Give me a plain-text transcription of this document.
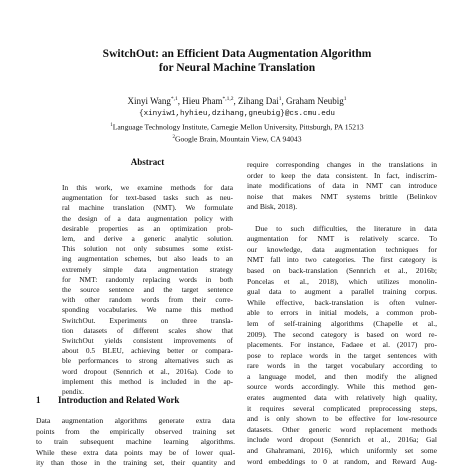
SwitchOut: an Efficient Data Augmentation Algorithm
for Neural Machine Translation
Xinyi Wang$^{*,1}$, Hieu Pham$^{*,1,2}$, Zihang Dai$^1$, Graham Neubig$^1$
{xinyiw1,hyhieu,dzihang,gneubig}@cs.cmu.edu
$^1$Language Technology Institute, Carnegie Mellon University, Pittsburgh, PA 15213
$^2$Google Brain, Mountain View, CA 94043
Abstract
In this work, we examine methods for data
augmentation for text-based tasks such as neu-
ral machine translation (NMT). We formulate
the design of a data augmentation policy with
desirable properties as an optimization prob-
lem, and derive a generic analytic solution.
This solution not only subsumes some exist-
ing augmentation schemes, but also leads to an
extremely simple data augmentation strategy
for NMT: randomly replacing words in both
the source sentence and the target sentence
with other random words from their corre-
sponding vocabularies. We name this method
SwitchOut. Experiments on three transla-
tion datasets of different scales show that
SwitchOut yields consistent improvements of
about 0.5 BLEU, achieving better or compara-
ble performances to strong alternatives such as
word dropout (Sennrich et al., 2016a). Code to
implement this method is included in the ap-
pendix.
1 Introduction and Related Work
Data augmentation algorithms generate extra data
points from the empirically observed training set
to train subsequent machine learning algorithms.
While these extra data points may be of lower qual-
ity than those in the training set, their quantity and
require corresponding changes in the translations in
order to keep the data consistent. In fact, indiscrim-
inate modifications of data in NMT can introduce
noise that makes NMT systems brittle (Belinkov
and Bisk, 2018).
Due to such difficulties, the literature in data
augmentation for NMT is relatively scarce. To
our knowledge, data augmentation techniques for
NMT fall into two categories. The first category is
based on back-translation (Sennrich et al., 2016b;
Poncelas et al., 2018), which utilizes monolin-
gual data to augment a parallel training corpus.
While effective, back-translation is often vulner-
able to errors in initial models, a common prob-
lem of self-training algorithms (Chapelle et al.,
2009). The second category is based on word re-
placements. For instance, Fadaee et al. (2017) pro-
pose to replace words in the target sentences with
rare words in the target vocabulary according to
a language model, and then modify the aligned
source words accordingly. While this method gen-
erates augmented data with relatively high quality,
it requires several complicated preprocessing steps,
and is only shown to be effective for low-resource
datasets. Other generic word replacement methods
include word dropout (Sennrich et al., 2016a; Gal
and Ghahramani, 2016), which uniformly set some
word embeddings to 0 at random, and Reward Aug-
